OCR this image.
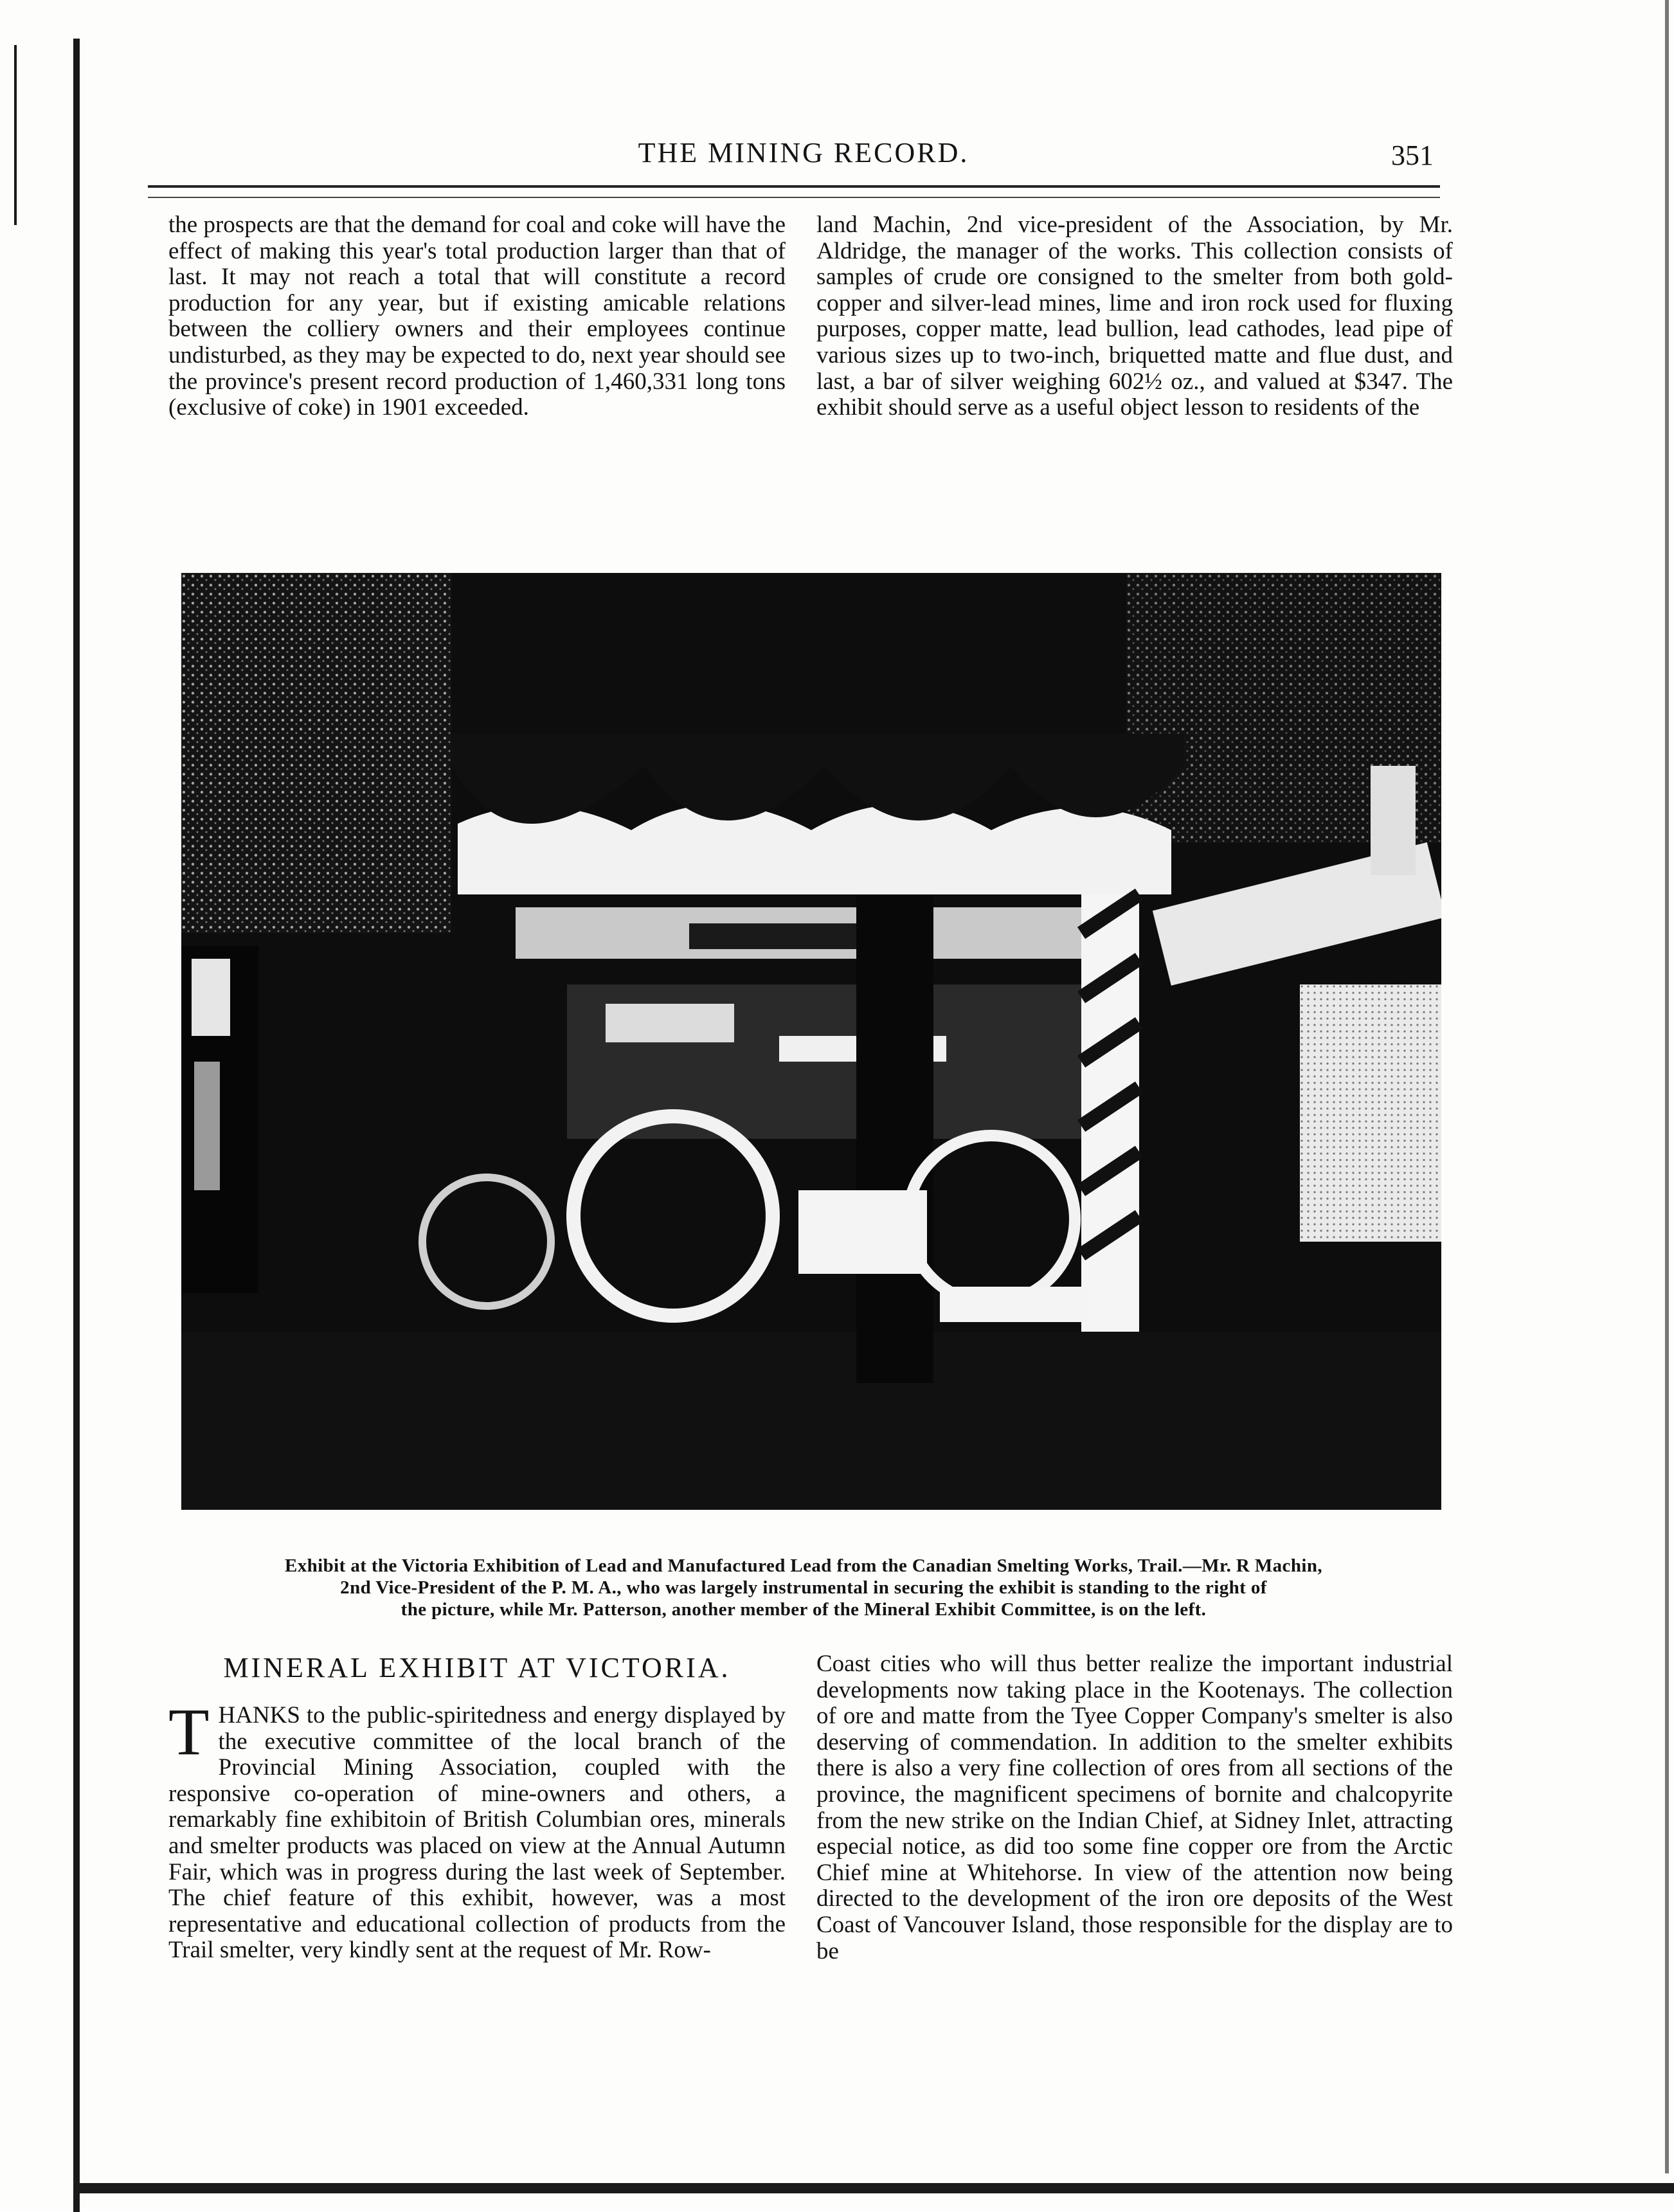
THE MINING RECORD.	351

the prospects are that the demand for coal and coke will have the effect of making this year's total production larger than that of last. It may not reach a total that will constitute a record production for any year, but if existing amicable relations between the colliery owners and their employees continue undisturbed, as they may be expected to do, next year should see the province's present record production of 1,460,331 long tons (exclusive of coke) in 1901 exceeded.

land Machin, 2nd vice-president of the Association, by Mr. Aldridge, the manager of the works. This collection consists of samples of crude ore consigned to the smelter from both gold-copper and silver-lead mines, lime and iron rock used for fluxing purposes, copper matte, lead bullion, lead cathodes, lead pipe of various sizes up to two-inch, briquetted matte and flue dust, and last, a bar of silver weighing 602½ oz., and valued at $347. The exhibit should serve as a useful object lesson to residents of the

Exhibit at the Victoria Exhibition of Lead and Manufactured Lead from the Canadian Smelting Works, Trail.—Mr. R Machin,
2nd Vice-President of the P. M. A., who was largely instrumental in securing the exhibit is standing to the right of
the picture, while Mr. Patterson, another member of the Mineral Exhibit Committee, is on the left.
MINERAL EXHIBIT AT VICTORIA.

THANKS to the public-spiritedness and energy displayed by the executive committee of the local branch of the Provincial Mining Association, coupled with the responsive co-operation of mine-owners and others, a remarkably fine exhibitoin of British Columbian ores, minerals and smelter products was placed on view at the Annual Autumn Fair, which was in progress during the last week of September. The chief feature of this exhibit, however, was a most representative and educational collection of products from the Trail smelter, very kindly sent at the request of Mr. Row-

Coast cities who will thus better realize the important industrial developments now taking place in the Kootenays. The collection of ore and matte from the Tyee Copper Company's smelter is also deserving of commendation. In addition to the smelter exhibits there is also a very fine collection of ores from all sections of the province, the magnificent specimens of bornite and chalcopyrite from the new strike on the Indian Chief, at Sidney Inlet, attracting especial notice, as did too some fine copper ore from the Arctic Chief mine at Whitehorse. In view of the attention now being directed to the development of the iron ore deposits of the West Coast of Vancouver Island, those responsible for the display are to be
